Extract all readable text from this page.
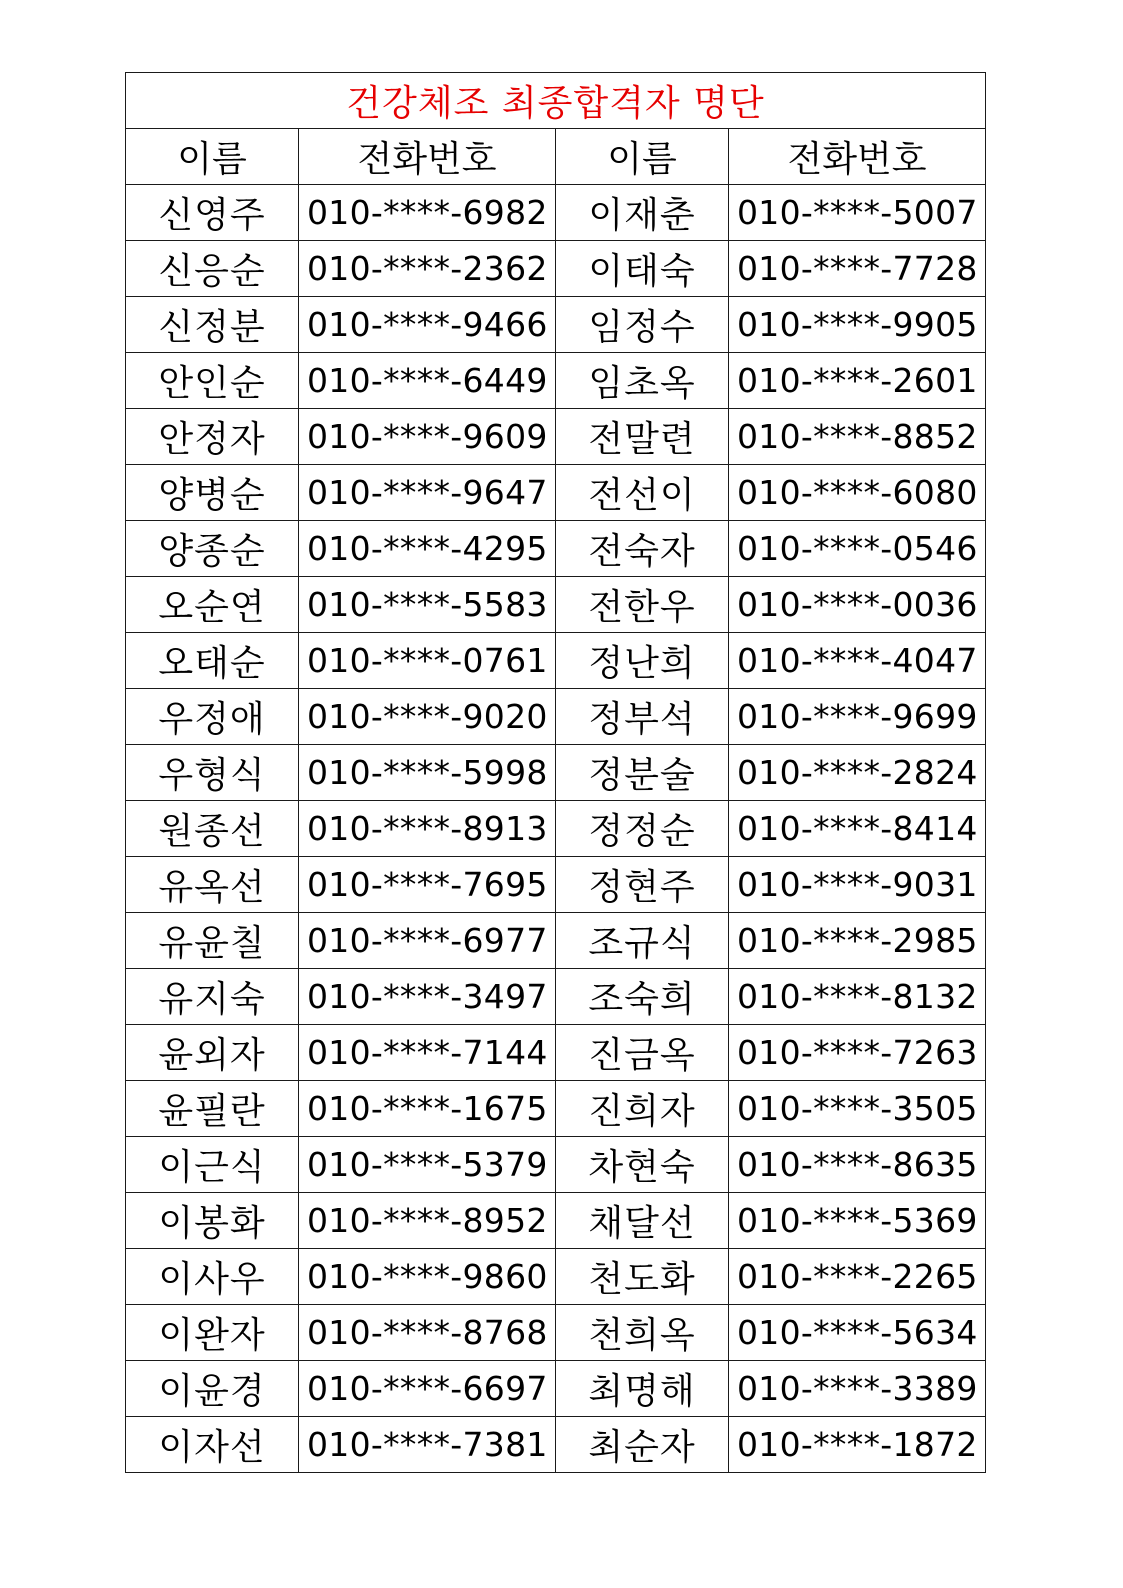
건강체조 최종합격자 명단			
이름	전화번호	이름	전화번호
신영주	010-****-6982	이재춘	010-****-5007
신응순	010-****-2362	이태숙	010-****-7728
신정분	010-****-9466	임정수	010-****-9905
안인순	010-****-6449	임초옥	010-****-2601
안정자	010-****-9609	전말련	010-****-8852
양병순	010-****-9647	전선이	010-****-6080
양종순	010-****-4295	전숙자	010-****-0546
오순연	010-****-5583	전한우	010-****-0036
오태순	010-****-0761	정난희	010-****-4047
우정애	010-****-9020	정부석	010-****-9699
우형식	010-****-5998	정분술	010-****-2824
원종선	010-****-8913	정정순	010-****-8414
유옥선	010-****-7695	정현주	010-****-9031
유윤칠	010-****-6977	조규식	010-****-2985
유지숙	010-****-3497	조숙희	010-****-8132
윤외자	010-****-7144	진금옥	010-****-7263
윤필란	010-****-1675	진희자	010-****-3505
이근식	010-****-5379	차현숙	010-****-8635
이봉화	010-****-8952	채달선	010-****-5369
이사우	010-****-9860	천도화	010-****-2265
이완자	010-****-8768	천희옥	010-****-5634
이윤경	010-****-6697	최명해	010-****-3389
이자선	010-****-7381	최순자	010-****-1872
